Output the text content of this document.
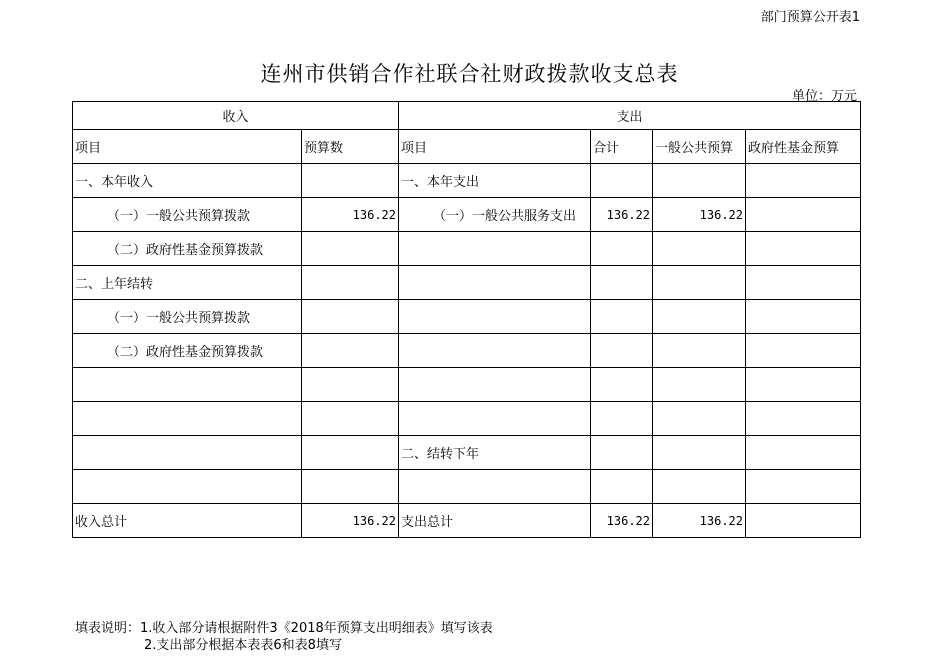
部门预算公开表1
连州市供销合作社联合社财政拨款收支总表
单位：万元
收入		支出			
项目	预算数	项目	合计	一般公共预算	政府性基金预算
一、本年收入		一、本年支出			
（一）一般公共预算拨款	136.22	（一）一般公共服务支出	136.22	136.22	
（二）政府性基金预算拨款					
二、上年结转					
（一）一般公共预算拨款					
（二）政府性基金预算拨款					

		二、结转下年			

收入总计	136.22	支出总计	136.22	136.22	
填表说明：1.收入部分请根据附件3《2018年预算支出明细表》填写该表
2.支出部分根据本表表6和表8填写
